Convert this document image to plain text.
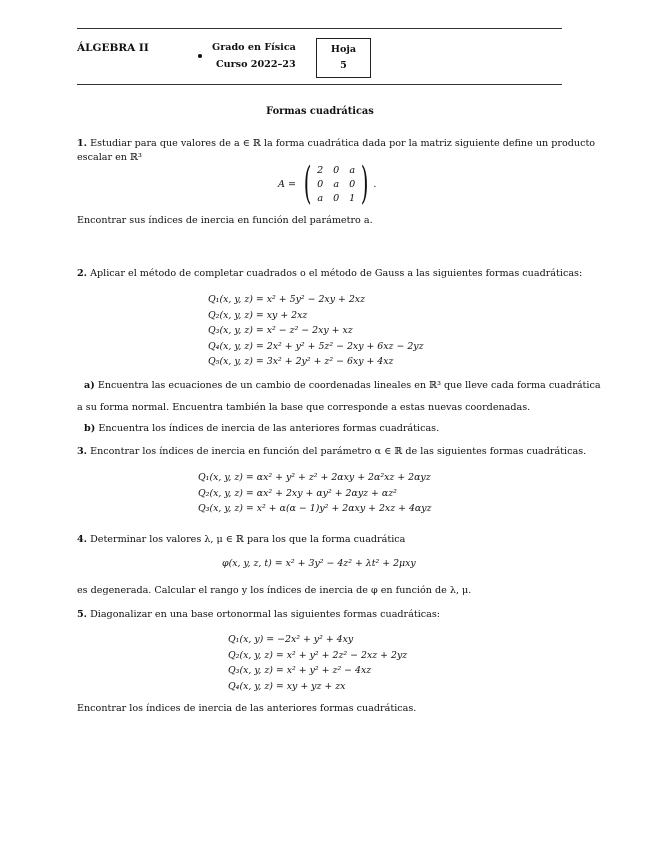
ÁLGEBRA II	Grado en Física
Curso 2022–23
Hoja
5
Formas cuadráticas

1. Estudiar para que valores de a ∈ ℝ la forma cuadrática dada por la matriz siguiente define un producto

escalar en ℝ³

A = ( 2	0	a
0	a	0
a	0	1 ) .
Encontrar sus índices de inercia en función del parámetro a.
2. Aplicar el método de completar cuadrados o el método de Gauss a las siguientes formas cuadráticas:
Q₁(x, y, z) = x² + 5y² − 2xy + 2xz
Q₂(x, y, z) = xy + 2xz
Q₃(x, y, z) = x² − z² − 2xy + xz
Q₄(x, y, z) = 2x² + y² + 5z² − 2xy + 6xz − 2yz
Q₅(x, y, z) = 3x² + 2y² + z² − 6xy + 4xz
a) Encuentra las ecuaciones de un cambio de coordenadas lineales en ℝ³ que lleve cada forma cuadrática
a su forma normal. Encuentra también la base que corresponde a estas nuevas coordenadas.
b) Encuentra los índices de inercia de las anteriores formas cuadráticas.
3. Encontrar los índices de inercia en función del parámetro α ∈ ℝ de las siguientes formas cuadráticas.
Q₁(x, y, z) = αx² + y² + z² + 2αxy + 2α²xz + 2αyz
Q₂(x, y, z) = αx² + 2xy + αy² + 2αyz + αz²
Q₃(x, y, z) = x² + α(α − 1)y² + 2αxy + 2xz + 4αyz
4. Determinar los valores λ, μ ∈ ℝ para los que la forma cuadrática
φ(x, y, z, t) = x² + 3y² − 4z² + λt² + 2μxy
es degenerada. Calcular el rango y los índices de inercia de φ en función de λ, μ.
5. Diagonalizar en una base ortonormal las siguientes formas cuadráticas:
Q₁(x, y) = −2x² + y² + 4xy
Q₂(x, y, z) = x² + y² + 2z² − 2xz + 2yz
Q₃(x, y, z) = x² + y² + z² − 4xz
Q₄(x, y, z) = xy + yz + zx
Encontrar los índices de inercia de las anteriores formas cuadráticas.
